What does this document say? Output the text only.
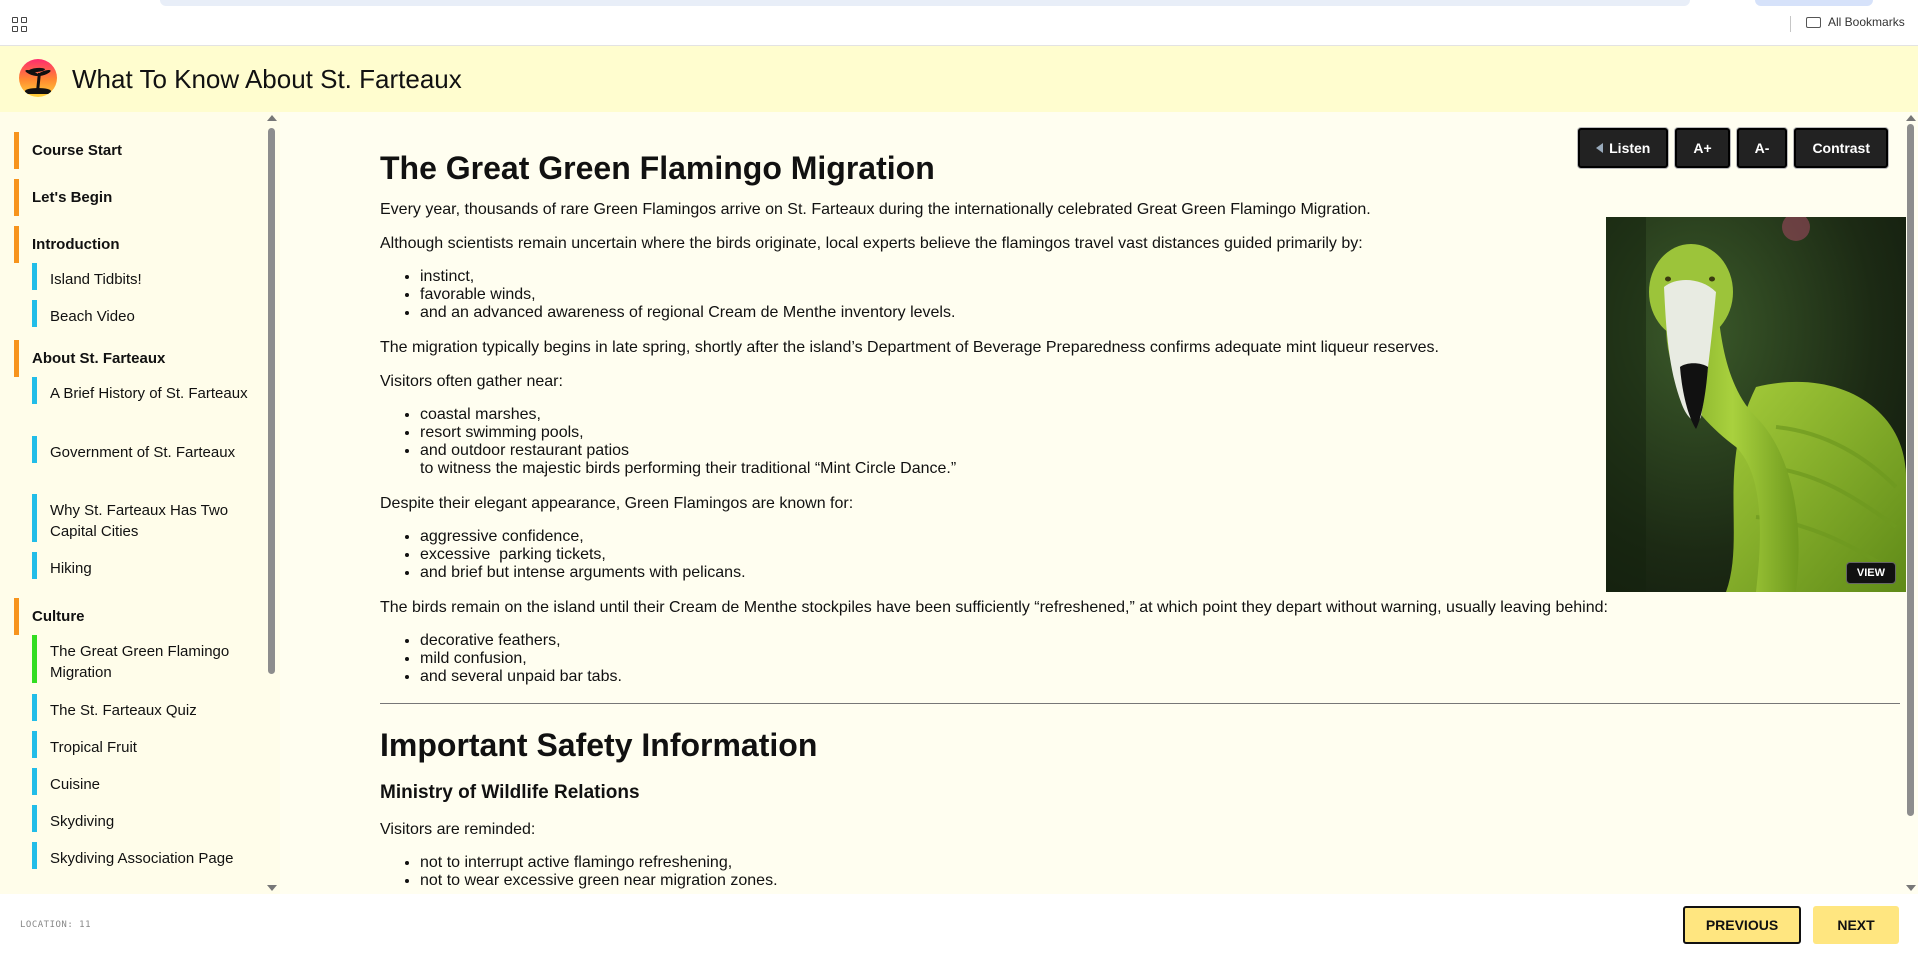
All Bookmarks
What To Know About St. Farteaux
Course Start
Let's Begin
Introduction
Island Tidbits!
Beach Video
About St. Farteaux
A Brief History of St. Farteaux
Government of St. Farteaux
Why St. Farteaux Has Two Capital Cities
Hiking
Culture
The Great Green Flamingo Migration
The St. Farteaux Quiz
Tropical Fruit
Cuisine
Skydiving
Skydiving Association Page
Listen	A+	A-	Contrast
The Great Green Flamingo Migration

Every year, thousands of rare Green Flamingos arrive on St. Farteaux during the internationally celebrated Great Green Flamingo Migration.

Although scientists remain uncertain where the birds originate, local experts believe the flamingos travel vast distances guided primarily by:

• instinct,
• favorable winds,
• and an advanced awareness of regional Cream de Menthe inventory levels.

The migration typically begins in late spring, shortly after the island’s Department of Beverage Preparedness confirms adequate mint liqueur reserves.

Visitors often gather near:

• coastal marshes,
• resort swimming pools,
• and outdoor restaurant patios
to witness the majestic birds performing their traditional “Mint Circle Dance.”

Despite their elegant appearance, Green Flamingos are known for:

• aggressive confidence,
• excessive  parking tickets,
• and brief but intense arguments with pelicans.

The birds remain on the island until their Cream de Menthe stockpiles have been sufficiently “refreshened,” at which point they depart without warning, usually leaving behind:

• decorative feathers,
• mild confusion,
• and several unpaid bar tabs.
Important Safety Information
Ministry of Wildlife Relations

Visitors are reminded:

• not to interrupt active flamingo refreshening,
• not to wear excessive green near migration zones.
VIEW
LOCATION: 11	PREVIOUS	NEXT
